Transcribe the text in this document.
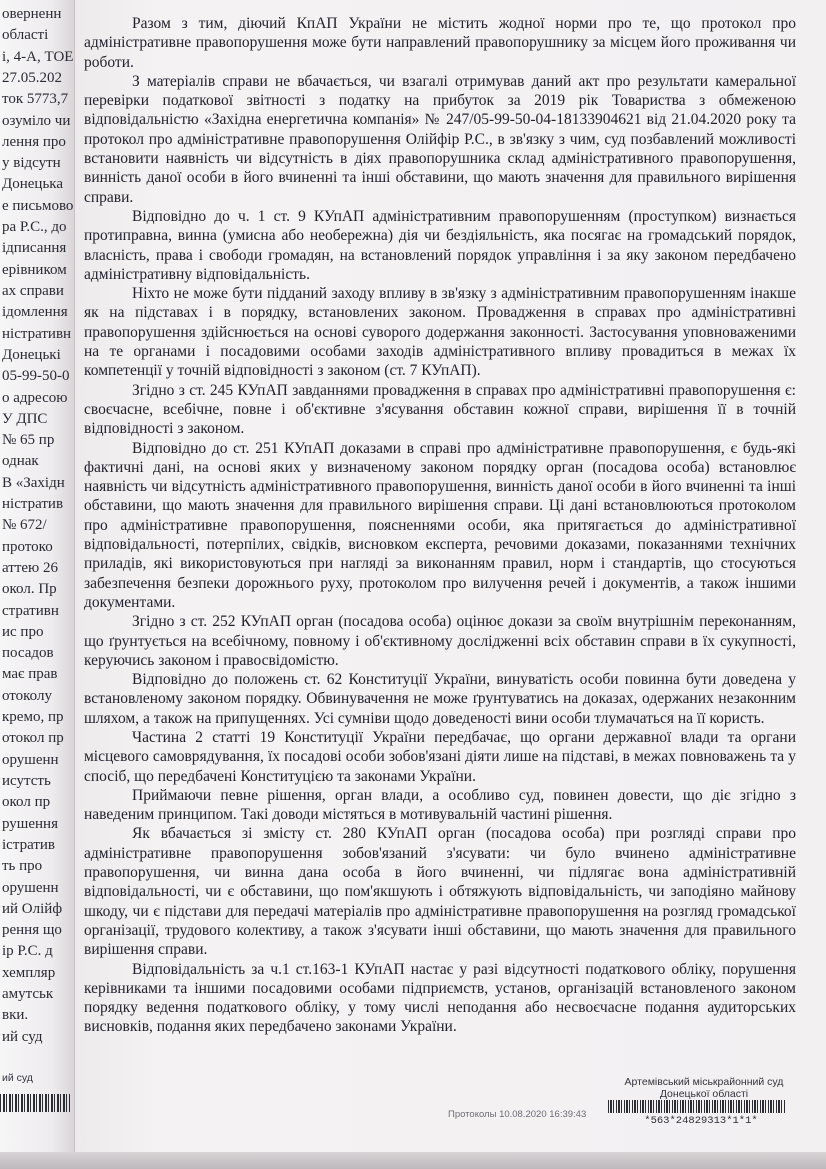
оверненн
області
і, 4-А, ТОЕ
27.05.202
ток 5773,7
озуміло чи
лення про
у відсутн
Донецька
е письмово
ра Р.С., до
ідписання
ерівником
ах справи
ідомлення
ністративн
Донецькі
05-99-50-0
о адресою
У ДПС
№ 65 пр
однак
В «Західн
ністратив
№ 672/
протоко
аттею 26
окол. Пр
стративн
ис про
посадов
має прав
отоколу
кремо, пр
отокол пр
орушенн
исутсть
окол пр
рушення
істратив
ть про
орушенн
ий Олійф
рення що
ір Р.С. д
хемпляр
амутськ
вки.
ий суд

Разом з тим, діючий КпАП України не містить жодної норми про те, що протокол про адміністративне правопорушення може бути направлений правопорушнику за місцем його проживання чи роботи.

З матеріалів справи не вбачається, чи взагалі отримував даний акт про результати камеральної перевірки податкової звітності з податку на прибуток за 2019 рік Товариства з обмеженою відповідальністю «Західна енергетична компанія» № 247/05-99-50-04-18133904621 від 21.04.2020 року та протокол про адміністративне правопорушення Олійфір Р.С., в зв'язку з чим, суд позбавлений можливості встановити наявність чи відсутність в діях правопорушника склад адміністративного правопорушення, винність даної особи в його вчиненні та інші обставини, що мають значення для правильного вирішення справи.

Відповідно до ч. 1 ст. 9 КУпАП адміністративним правопорушенням (проступком) визнається протиправна, винна (умисна або необережна) дія чи бездіяльність, яка посягає на громадський порядок, власність, права і свободи громадян, на встановлений порядок управління і за яку законом передбачено адміністративну відповідальність.

Ніхто не може бути підданий заходу впливу в зв'язку з адміністративним правопорушенням інакше як на підставах і в порядку, встановлених законом. Провадження в справах про адміністративні правопорушення здійснюється на основі суворого додержання законності. Застосування уповноваженими на те органами і посадовими особами заходів адміністративного впливу провадиться в межах їх компетенції у точній відповідності з законом (ст. 7 КУпАП).

Згідно з ст. 245 КУпАП завданнями провадження в справах про адміністративні правопорушення є: своєчасне, всебічне, повне і об'єктивне з'ясування обставин кожної справи, вирішення її в точній відповідності з законом.

Відповідно до ст. 251 КУпАП доказами в справі про адміністративне правопорушення, є будь-які фактичні дані, на основі яких у визначеному законом порядку орган (посадова особа) встановлює наявність чи відсутність адміністративного правопорушення, винність даної особи в його вчиненні та інші обставини, що мають значення для правильного вирішення справи. Ці дані встановлюються протоколом про адміністративне правопорушення, поясненнями особи, яка притягається до адміністративної відповідальності, потерпілих, свідків, висновком експерта, речовими доказами, показаннями технічних приладів, які використовуються при нагляді за виконанням правил, норм і стандартів, що стосуються забезпечення безпеки дорожнього руху, протоколом про вилучення речей і документів, а також іншими документами.

Згідно з ст. 252 КУпАП орган (посадова особа) оцінює докази за своїм внутрішнім переконанням, що ґрунтується на всебічному, повному і об'єктивному дослідженні всіх обставин справи в їх сукупності, керуючись законом і правосвідомістю.

Відповідно до положень ст. 62 Конституції України, винуватість особи повинна бути доведена у встановленому законом порядку. Обвинувачення не може ґрунтуватись на доказах, одержаних незаконним шляхом, а також на припущеннях. Усі сумніви щодо доведеності вини особи тлумачаться на її користь.

Частина 2 статті 19 Конституції України передбачає, що органи державної влади та органи місцевого самоврядування, їх посадові особи зобов'язані діяти лише на підставі, в межах повноважень та у спосіб, що передбачені Конституцією та законами України.

Приймаючи певне рішення, орган влади, а особливо суд, повинен довести, що діє згідно з наведеним принципом. Такі доводи містяться в мотивувальній частині рішення.

Як вбачається зі змісту ст. 280 КУпАП орган (посадова особа) при розгляді справи про адміністративне правопорушення зобов'язаний з'ясувати: чи було вчинено адміністративне правопорушення, чи винна дана особа в його вчиненні, чи підлягає вона адміністративній відповідальності, чи є обставини, що пом'якшують і обтяжують відповідальність, чи заподіяно майнову шкоду, чи є підстави для передачі матеріалів про адміністративне правопорушення на розгляд громадської організації, трудового колективу, а також з'ясувати інші обставини, що мають значення для правильного вирішення справи.

Відповідальність за ч.1 ст.163-1 КУпАП настає у разі відсутності податкового обліку, порушення керівниками та іншими посадовими особами підприємств, установ, організацій встановленого законом порядку ведення податкового обліку, у тому числі неподання або несвоєчасне подання аудиторських висновків, подання яких передбачено законами України.

ий суд	Артемівський міськрайонний суд
Донецької області
*563*24829313*1*1*
Протоколы 10.08.2020 16:39:43
